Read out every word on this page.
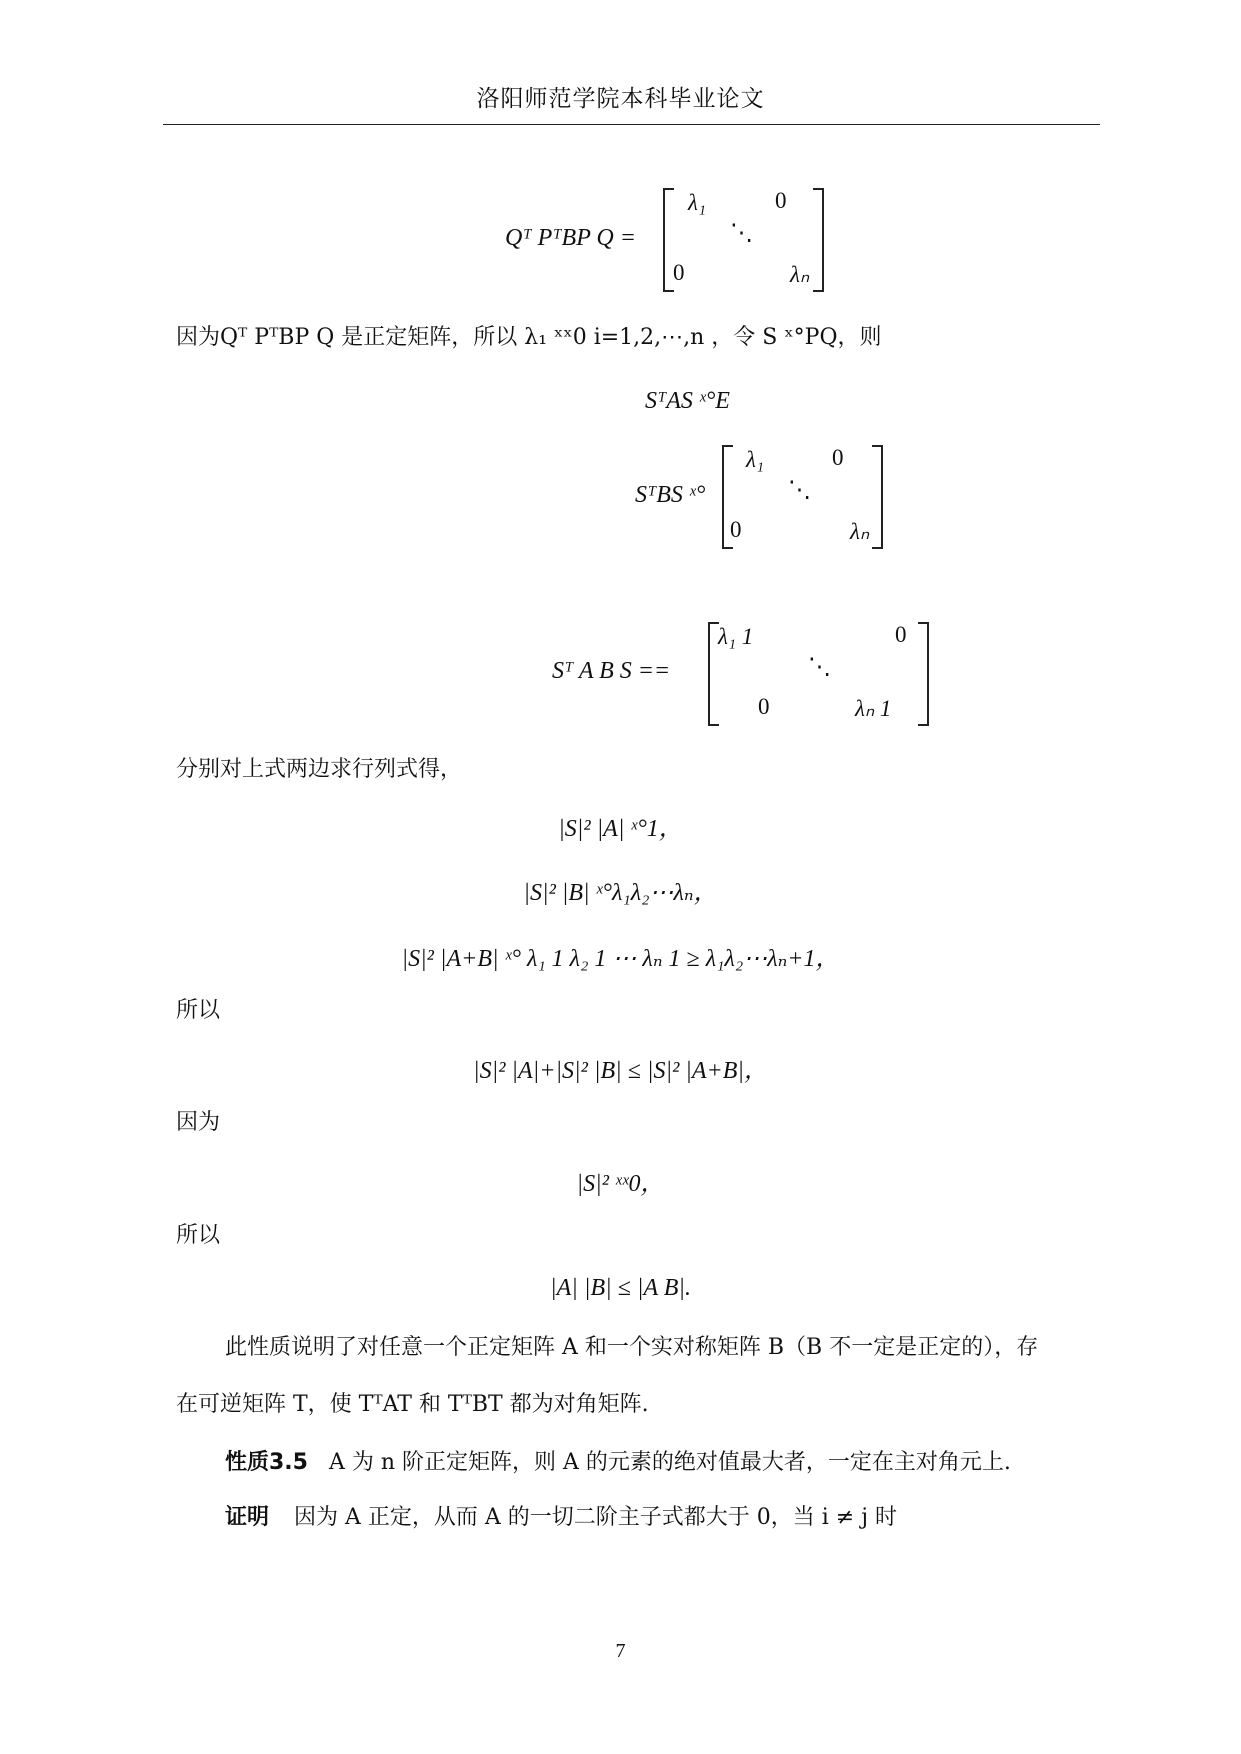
洛阳师范学院本科毕业论文
Qᵀ PᵀBP Q =
λ₁	0
⋱
0	λₙ
因为Qᵀ PᵀBP Q 是正定矩阵，所以 λ₁ ˣˣ0 i=1,2,⋯,n ，令 S ˣ°PQ，则
SᵀAS ˣ°E
SᵀBS ˣ°
λ₁	0
⋱
0	λₙ
Sᵀ A B S ==
λ₁ 1	0
⋱
0	λₙ 1
分别对上式两边求行列式得，
|S|² |A| ˣ°1，
|S|² |B| ˣ°λ₁λ₂⋯λₙ，
|S|² |A+B| ˣ° λ₁ 1 λ₂ 1 ⋯ λₙ 1 ≥ λ₁λ₂⋯λₙ+1，
所以
|S|² |A|+|S|² |B| ≤ |S|² |A+B|，
因为
|S|² ˣˣ0，
所以
|A| |B| ≤ |A B|.
此性质说明了对任意一个正定矩阵 A 和一个实对称矩阵 B（B 不一定是正定的），存
在可逆矩阵 T，使 TᵀAT 和 TᵀBT 都为对角矩阵.
性质3.5 A 为 n 阶正定矩阵，则 A 的元素的绝对值最大者，一定在主对角元上.
证明 因为 A 正定，从而 A 的一切二阶主子式都大于 0，当 i ≠ j 时
7
